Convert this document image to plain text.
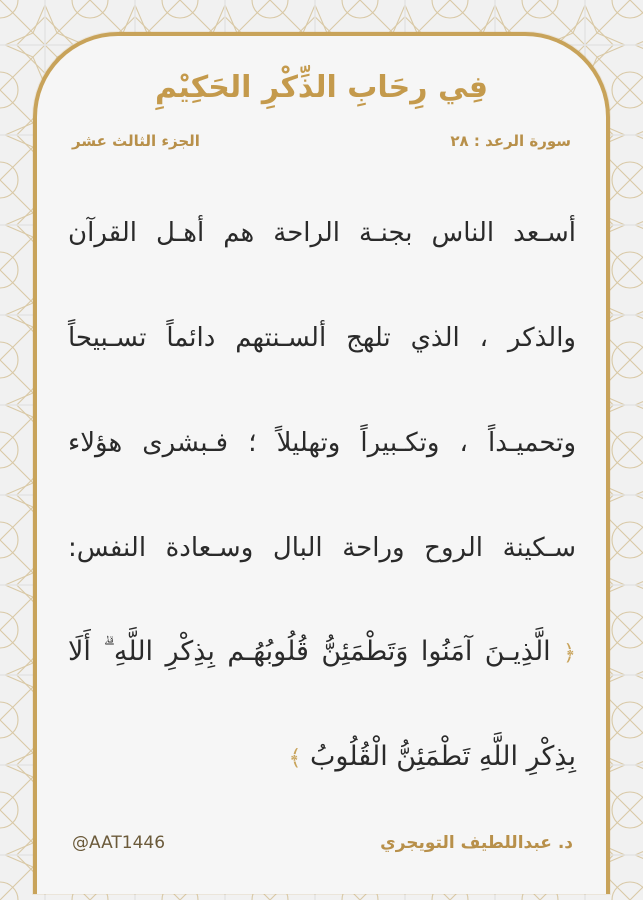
فِي رِحَابِ الذِّكْرِ الحَكِيْمِ
سورة الرعد : ٢٨
الجزء الثالث عشر
أسـعد الناس بجنـة الراحة هم أهـل القرآن
والذكر ، الذي تلهج ألسـنتهم دائماً تسـبيحاً
وتحميـداً ، وتكـبيراً وتهليلاً ؛ فـبشرى هؤلاء
سـكينة الروح وراحة البال وسـعادة النفس:
﴿ الَّذِيـنَ آمَنُوا وَتَطْمَئِنُّ قُلُوبُهُـم بِذِكْرِ اللَّهِ ۗ أَلَا
بِذِكْرِ اللَّهِ تَطْمَئِنُّ الْقُلُوبُ ﴾
@AAT1446	د. عبداللطيف التويجري
